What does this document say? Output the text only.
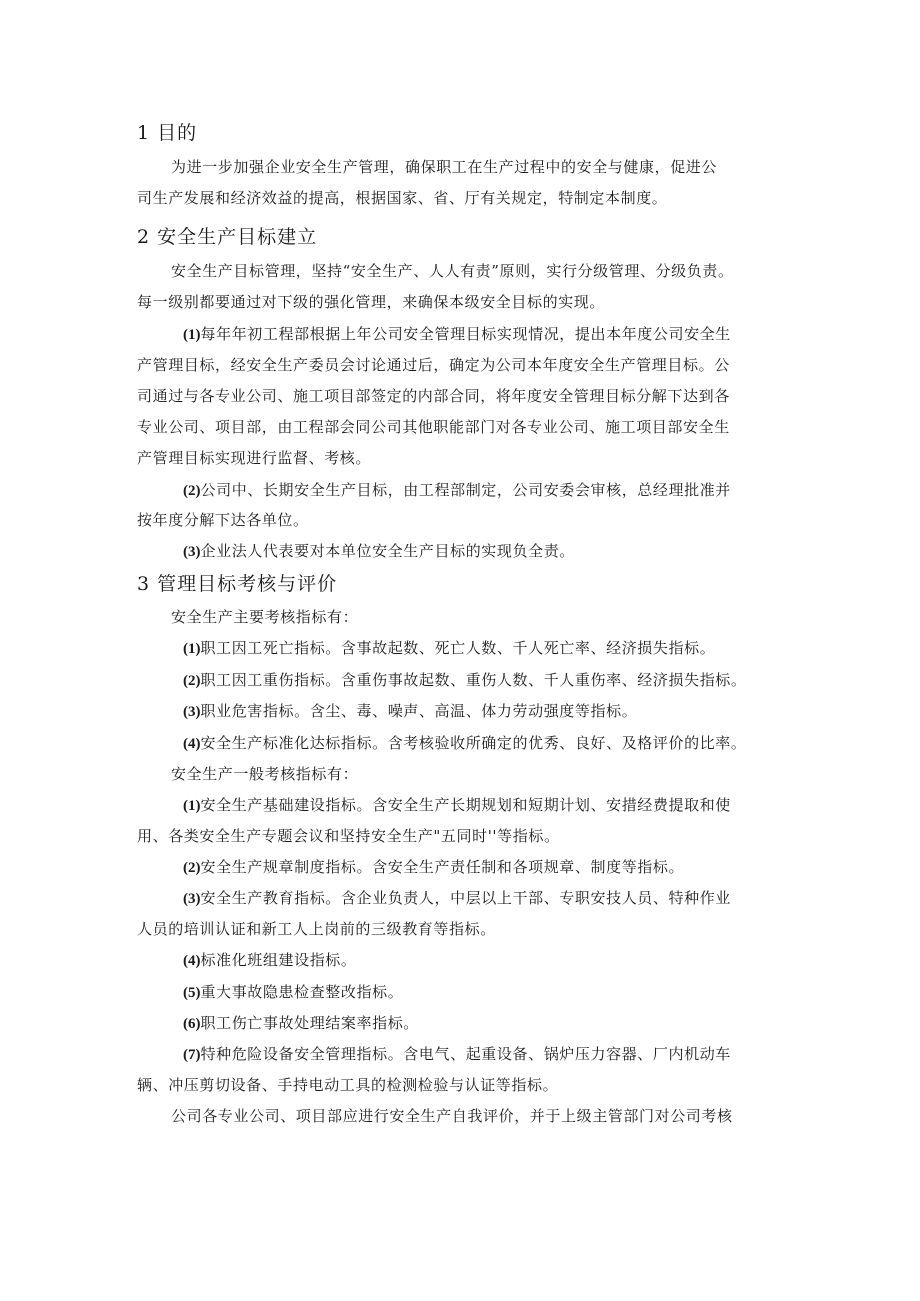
1 目的
为进一步加强企业安全生产管理，确保职工在生产过程中的安全与健康，促进公
司生产发展和经济效益的提高，根据国家、省、厅有关规定，特制定本制度。
2 安全生产目标建立
安全生产目标管理，坚持“安全生产、人人有责”原则，实行分级管理、分级负责。
每一级别都要通过对下级的强化管理，来确保本级安全目标的实现。
(1)每年年初工程部根据上年公司安全管理目标实现情况，提出本年度公司安全生
产管理目标，经安全生产委员会讨论通过后，确定为公司本年度安全生产管理目标。公
司通过与各专业公司、施工项目部签定的内部合同，将年度安全管理目标分解下达到各
专业公司、项目部，由工程部会同公司其他职能部门对各专业公司、施工项目部安全生
产管理目标实现进行监督、考核。
(2)公司中、长期安全生产目标，由工程部制定，公司安委会审核，总经理批准并
按年度分解下达各单位。
(3)企业法人代表要对本单位安全生产目标的实现负全责。
3 管理目标考核与评价
安全生产主要考核指标有：
(1)职工因工死亡指标。含事故起数、死亡人数、千人死亡率、经济损失指标。
(2)职工因工重伤指标。含重伤事故起数、重伤人数、千人重伤率、经济损失指标。
(3)职业危害指标。含尘、毒、噪声、高温、体力劳动强度等指标。
(4)安全生产标准化达标指标。含考核验收所确定的优秀、良好、及格评价的比率。
安全生产一般考核指标有：
(1)安全生产基础建设指标。含安全生产长期规划和短期计划、安措经费提取和使
用、各类安全生产专题会议和坚持安全生产"五同时''等指标。
(2)安全生产规章制度指标。含安全生产责任制和各项规章、制度等指标。
(3)安全生产教育指标。含企业负责人，中层以上干部、专职安技人员、特种作业
人员的培训认证和新工人上岗前的三级教育等指标。
(4)标准化班组建设指标。
(5)重大事故隐患检查整改指标。
(6)职工伤亡事故处理结案率指标。
(7)特种危险设备安全管理指标。含电气、起重设备、锅炉压力容器、厂内机动车
辆、冲压剪切设备、手持电动工具的检测检验与认证等指标。
公司各专业公司、项目部应进行安全生产自我评价，并于上级主管部门对公司考核
